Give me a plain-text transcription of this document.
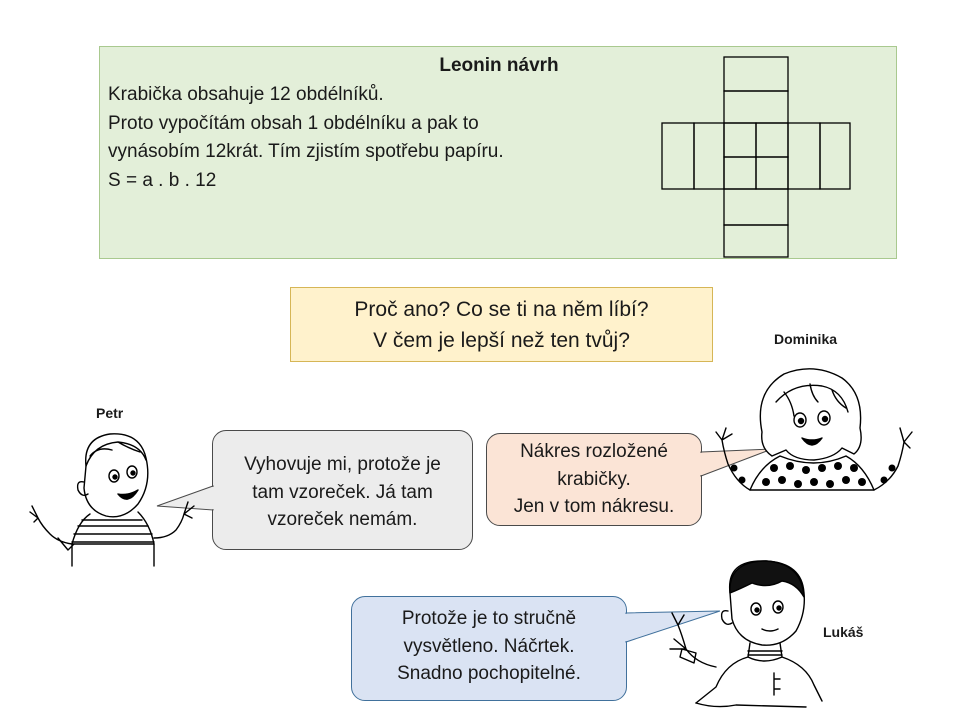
Leonin návrh
Krabička obsahuje 12 obdélníků.
Proto vypočítám obsah 1 obdélníku a pak to
vynásobím 12krát. Tím zjistím spotřebu papíru.
S = a . b . 12
Proč ano? Co se ti na něm líbí?
V čem je lepší než ten tvůj?
Petr
Dominika
Lukáš
Vyhovuje mi, protože je
tam vzoreček. Já tam
vzoreček nemám.
Nákres rozložené
krabičky.
Jen v tom nákresu.
Protože je to stručně
vysvětleno. Náčrtek.
Snadno pochopitelné.
